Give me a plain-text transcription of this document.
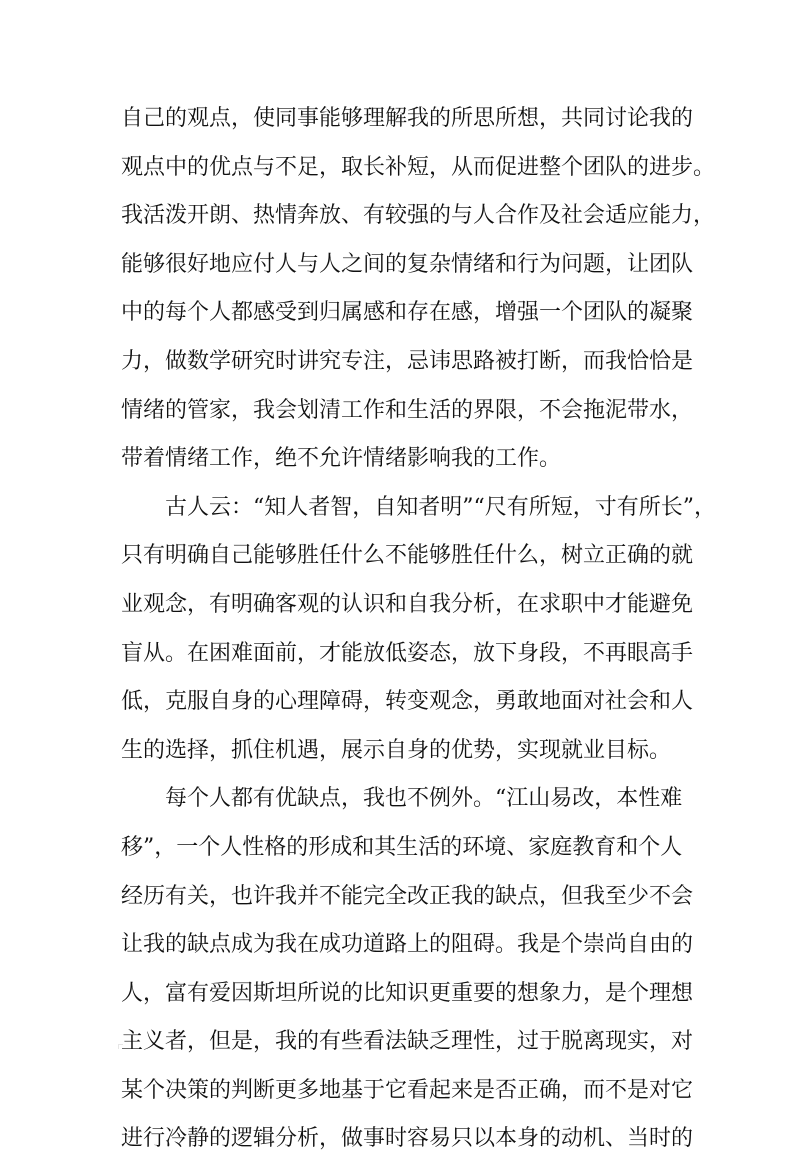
自己的观点，使同事能够理解我的所思所想，共同讨论我的
观点中的优点与不足，取长补短，从而促进整个团队的进步。
我活泼开朗、热情奔放、有较强的与人合作及社会适应能力，
能够很好地应付人与人之间的复杂情绪和行为问题，让团队
中的每个人都感受到归属感和存在感，增强一个团队的凝聚
力，做数学研究时讲究专注，忌讳思路被打断，而我恰恰是
情绪的管家，我会划清工作和生活的界限，不会拖泥带水，
带着情绪工作，绝不允许情绪影响我的工作。
古人云：“知人者智，自知者明”“尺有所短，寸有所长”，
只有明确自己能够胜任什么不能够胜任什么，树立正确的就
业观念，有明确客观的认识和自我分析，在求职中才能避免
盲从。在困难面前，才能放低姿态，放下身段，不再眼高手
低，克服自身的心理障碍，转变观念，勇敢地面对社会和人
生的选择，抓住机遇，展示自身的优势，实现就业目标。
每个人都有优缺点，我也不例外。“江山易改，本性难
移”，一个人性格的形成和其生活的环境、家庭教育和个人
经历有关，也许我并不能完全改正我的缺点，但我至少不会
让我的缺点成为我在成功道路上的阻碍。我是个崇尚自由的
人，富有爱因斯坦所说的比知识更重要的想象力，是个理想
主义者，但是，我的有些看法缺乏理性，过于脱离现实，对
某个决策的判断更多地基于它看起来是否正确，而不是对它
进行冷静的逻辑分析，做事时容易只以本身的动机、当时的
